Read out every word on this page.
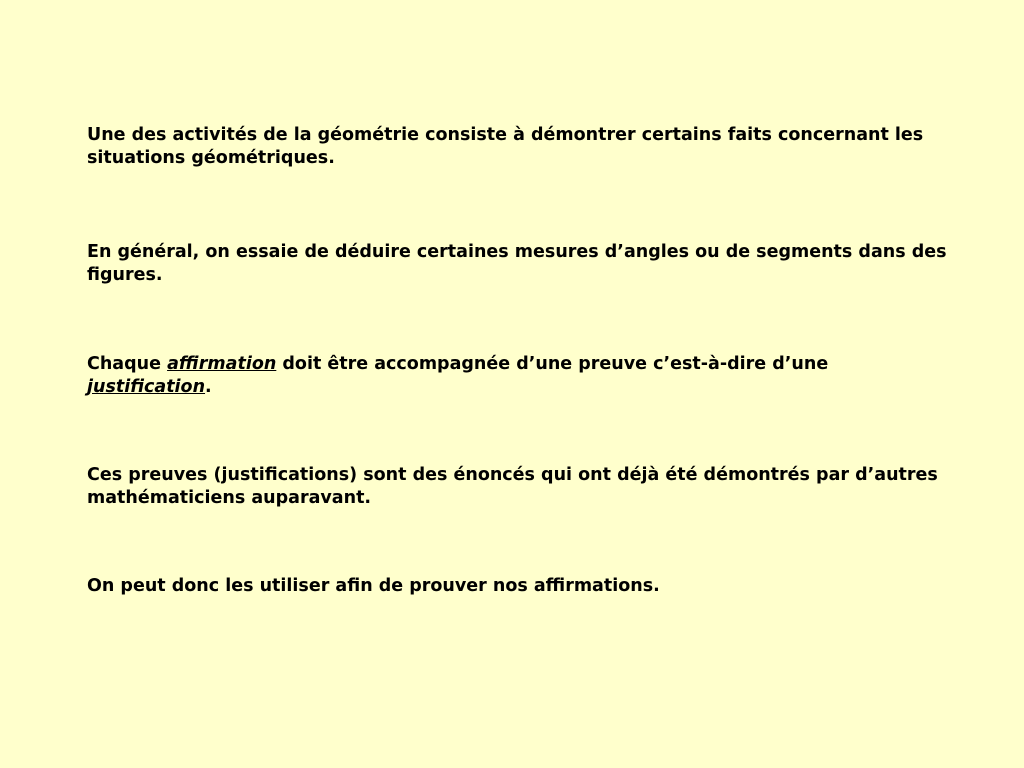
Une des activités de la géométrie consiste à démontrer certains faits concernant les situations géométriques.

En général, on essaie de déduire certaines mesures d’angles ou de segments dans des figures.

Chaque affirmation doit être accompagnée d’une preuve c’est-à-dire d’une justification.

Ces preuves (justifications) sont des énoncés qui ont déjà été démontrés par d’autres mathématiciens auparavant.

On peut donc les utiliser afin de prouver nos affirmations.
